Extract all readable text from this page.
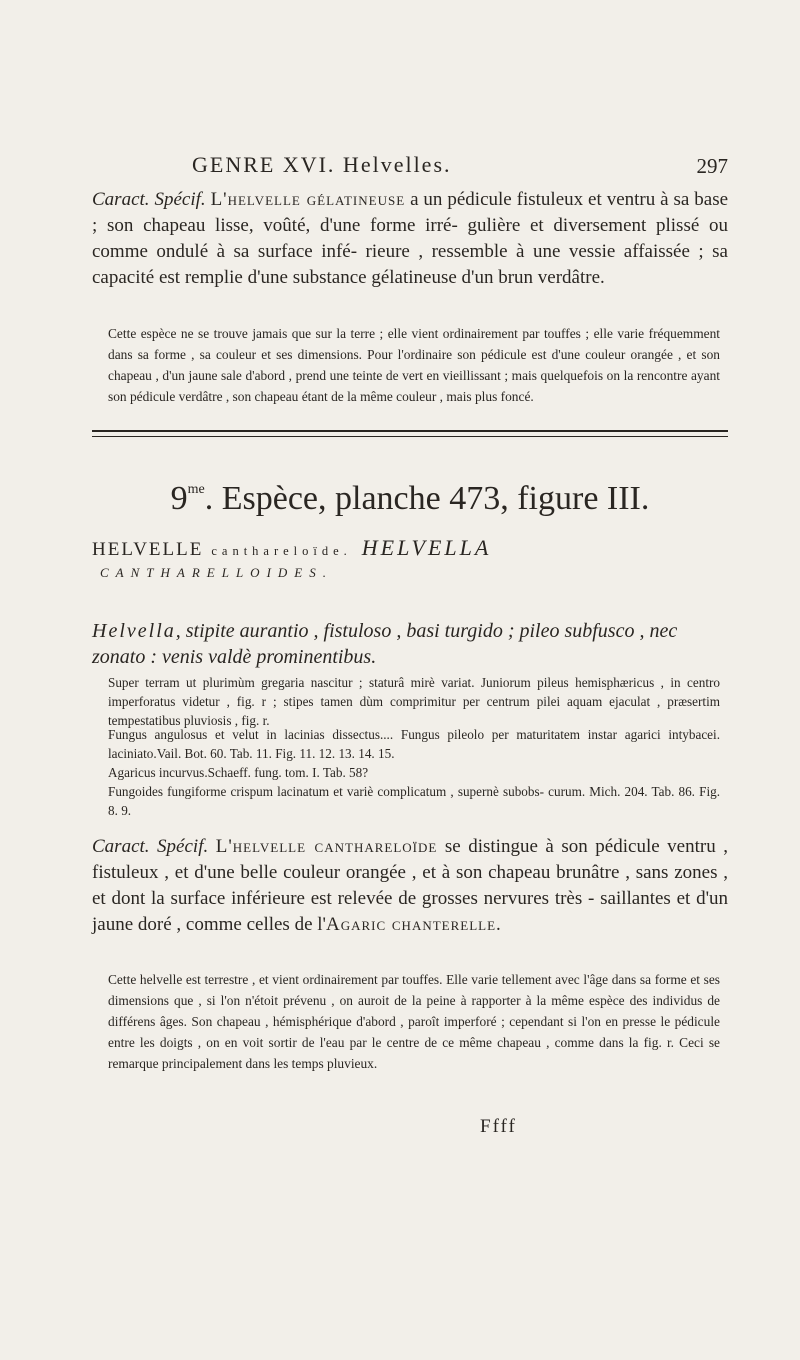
GENRE XVI. Helvelles.	297

Caract. Spécif. L'helvelle gélatineuse a un pédicule fistuleux et ventru à sa base ; son chapeau lisse, voûté, d'une forme irré- gulière et diversement plissé ou comme ondulé à sa surface infé- rieure , ressemble à une vessie affaissée ; sa capacité est remplie d'une substance gélatineuse d'un brun verdâtre.

Cette espèce ne se trouve jamais que sur la terre ; elle vient ordinairement par touffes ; elle varie fréquemment dans sa forme , sa couleur et ses dimensions. Pour l'ordinaire son pédicule est d'une couleur orangée , et son chapeau , d'un jaune sale d'abord , prend une teinte de vert en vieillissant ; mais quelquefois on la rencontre ayant son pédicule verdâtre , son chapeau étant de la même couleur , mais plus foncé.

$9^{me}$. Espèce, planche 473, figure III.
HELVELLE canthareloïde. HELVELLA
CANTHARELLOIDES.

Helvella, stipite aurantio , fistuloso , basi turgido ; pileo subfusco , nec zonato : venis valdè prominentibus.

Super terram ut plurimùm gregaria nascitur ; staturâ mirè variat. Juniorum pileus hemisphæricus , in centro imperforatus videtur , fig. r ; stipes tamen dùm comprimitur per centrum pilei aquam ejaculat , præsertim tempestatibus pluviosis , fig. r.

Fungus angulosus et velut in lacinias dissectus.... Fungus pileolo per maturitatem instar agarici intybacei. laciniato.Vail. Bot. 60. Tab. 11. Fig. 11. 12. 13. 14. 15.
Agaricus incurvus.Schaeff. fung. tom. I. Tab. 58?
Fungoides fungiforme crispum lacinatum et variè complicatum , supernè subobs- curum. Mich. 204. Tab. 86. Fig. 8. 9.

Caract. Spécif. L'helvelle canthareloïde se distingue à son pédicule ventru , fistuleux , et d'une belle couleur orangée , et à son chapeau brunâtre , sans zones , et dont la surface inférieure est relevée de grosses nervures très - saillantes et d'un jaune doré , comme celles de l'Agaric chanterelle.

Cette helvelle est terrestre , et vient ordinairement par touffes. Elle varie tellement avec l'âge dans sa forme et ses dimensions que , si l'on n'étoit prévenu , on auroit de la peine à rapporter à la même espèce des individus de différens âges. Son chapeau , hémisphérique d'abord , paroît imperforé ; cependant si l'on en presse le pédicule entre les doigts , on en voit sortir de l'eau par le centre de ce même chapeau , comme dans la fig. r. Ceci se remarque principalement dans les temps pluvieux.

Ffff
